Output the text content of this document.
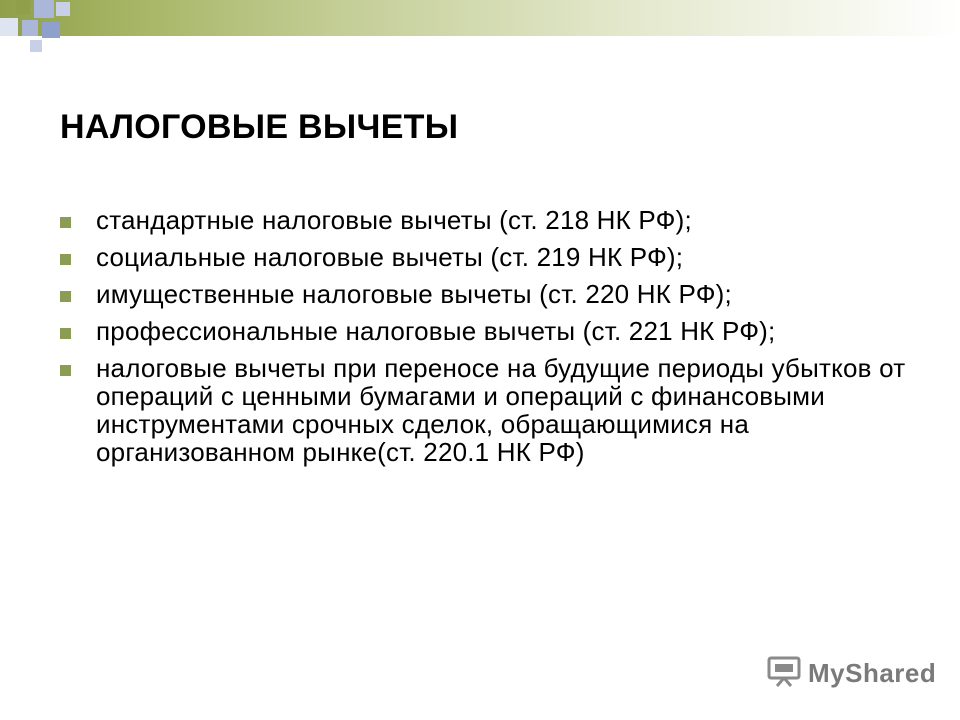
НАЛОГОВЫЕ ВЫЧЕТЫ
стандартные налоговые вычеты (ст. 218 НК РФ);
социальные налоговые вычеты (ст. 219 НК РФ);
имущественные налоговые вычеты (ст. 220 НК РФ);
профессиональные налоговые вычеты (ст. 221 НК РФ);
налоговые вычеты при переносе на будущие периоды убытков от операций с ценными бумагами и операций с финансовыми инструментами срочных сделок, обращающимися на организованном рынке(ст. 220.1 НК РФ)
MyShared
